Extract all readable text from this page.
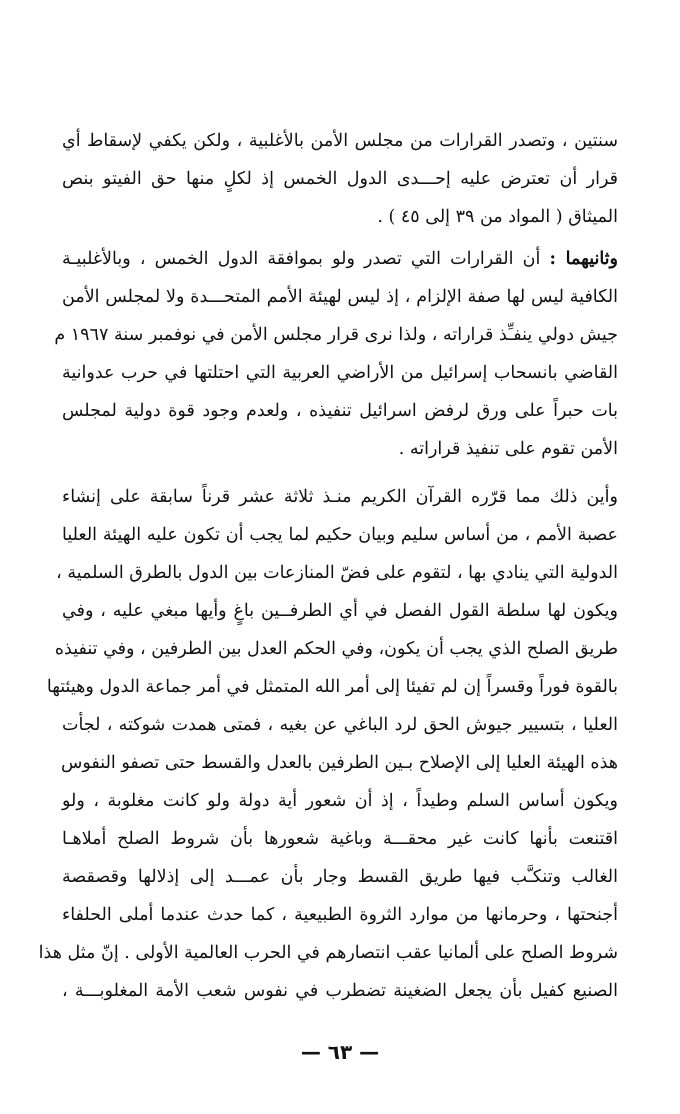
سنتين ، وتصدر القرارات من مجلس الأمن بالأغلبية ، ولكن يكفي لإسقاط أي
قرار أن تعترض عليه إحـــدى الدول الخمس إذ لكلٍ منها حق الفيتو بنص
الميثاق ( المواد من ٣٩ إلى ٤٥ ) .
وثانيهما : أن القرارات التي تصدر ولو بموافقة الدول الخمس ، وبالأغلبيـة
الكافية ليس لها صفة الإلزام ، إذ ليس لهيئة الأمم المتحـــدة ولا لمجلس الأمن
جيش دولي ينفـِّذ قراراته ، ولذا نرى قرار مجلس الأمن في نوفمبر سنة ١٩٦٧ م
القاضي بانسحاب إسرائيل من الأراضي العربية التي احتلتها في حرب عدوانية
بات حبراً على ورق لرفض اسرائيل تنفيذه ، ولعدم وجود قوة دولية لمجلس
الأمن تقوم على تنفيذ قراراته .
وأين ذلك مما قرّره القرآن الكريم منـذ ثلاثة عشر قرناً سابقة على إنشاء
عصبة الأمم ، من أساس سليم وبيان حكيم لما يجب أن تكون عليه الهيئة العليا
الدولية التي ينادي بها ، لتقوم على فضّ المنازعات بين الدول بالطرق السلمية ،
ويكون لها سلطة القول الفصل في أي الطرفــين باغٍ وأيها مبغي عليه ، وفي
طريق الصلح الذي يجب أن يكون، وفي الحكم العدل بين الطرفين ، وفي تنفيذه
بالقوة فوراً وقسراً إن لم تفيئا إلى أمر الله المتمثل في أمر جماعة الدول وهيئتها
العليا ، بتسيير جيوش الحق لرد الباغي عن بغيه ، فمتى همدت شوكته ، لجأت
هذه الهيئة العليا إلى الإصلاح بـين الطرفين بالعدل والقسط حتى تصفو النفوس
ويكون أساس السلم وطيداً ، إذ أن شعور أية دولة ولو كانت مغلوبة ، ولو
اقتنعت بأنها كانت غير محقـــة وباغية شعورها بأن شروط الصلح أملاهـا
الغالب وتنكـَّب فيها طريق القسط وجار بأن عمـــد إلى إذلالها وقصقصة
أجنحتها ، وحرمانها من موارد الثروة الطبيعية ، كما حدث عندما أملى الحلفاء
شروط الصلح على ألمانيا عقب انتصارهم في الحرب العالمية الأولى . إنّ مثل هذا
الصنيع كفيل بأن يجعل الضغينة تضطرب في نفوس شعب الأمة المغلوبـــة ،
— ٦٣ —
